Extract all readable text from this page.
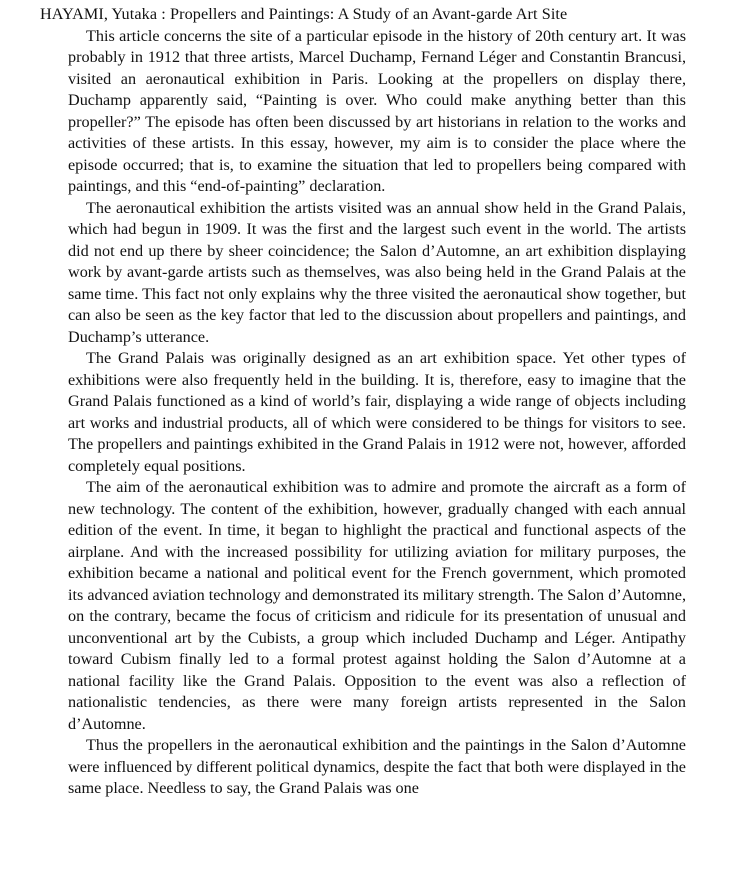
HAYAMI, Yutaka : Propellers and Paintings: A Study of an Avant-garde Art Site

This article concerns the site of a particular episode in the history of 20th century art. It was probably in 1912 that three artists, Marcel Duchamp, Fernand Léger and Constantin Brancusi, visited an aeronautical exhibition in Paris. Looking at the propellers on display there, Duchamp apparently said, “Painting is over. Who could make anything better than this propeller?” The episode has often been discussed by art historians in relation to the works and activities of these artists. In this essay, however, my aim is to consider the place where the episode occurred; that is, to examine the situation that led to propellers being compared with paintings, and this “end-of-painting” declaration.

The aeronautical exhibition the artists visited was an annual show held in the Grand Palais, which had begun in 1909. It was the first and the largest such event in the world. The artists did not end up there by sheer coincidence; the Salon d’Automne, an art exhibition displaying work by avant-garde artists such as themselves, was also being held in the Grand Palais at the same time. This fact not only explains why the three visited the aeronautical show together, but can also be seen as the key factor that led to the discussion about propellers and paintings, and Duchamp’s utterance.

The Grand Palais was originally designed as an art exhibition space. Yet other types of exhibitions were also frequently held in the building. It is, therefore, easy to imagine that the Grand Palais functioned as a kind of world’s fair, displaying a wide range of objects including art works and industrial products, all of which were considered to be things for visitors to see. The propellers and paintings exhibited in the Grand Palais in 1912 were not, however, afforded completely equal positions.

The aim of the aeronautical exhibition was to admire and promote the aircraft as a form of new technology. The content of the exhibition, however, gradually changed with each annual edition of the event. In time, it began to highlight the practical and functional aspects of the airplane. And with the increased possibility for utilizing aviation for military purposes, the exhibition became a national and political event for the French government, which promoted its advanced aviation technology and demonstrated its military strength. The Salon d’Automne, on the contrary, became the focus of criticism and ridicule for its presentation of unusual and unconventional art by the Cubists, a group which included Duchamp and Léger. Antipathy toward Cubism finally led to a formal protest against holding the Salon d’Automne at a national facility like the Grand Palais. Opposition to the event was also a reflection of nationalistic tendencies, as there were many foreign artists represented in the Salon d’Automne.

Thus the propellers in the aeronautical exhibition and the paintings in the Salon d’Automne were influenced by different political dynamics, despite the fact that both were displayed in the same place. Needless to say, the Grand Palais was one
